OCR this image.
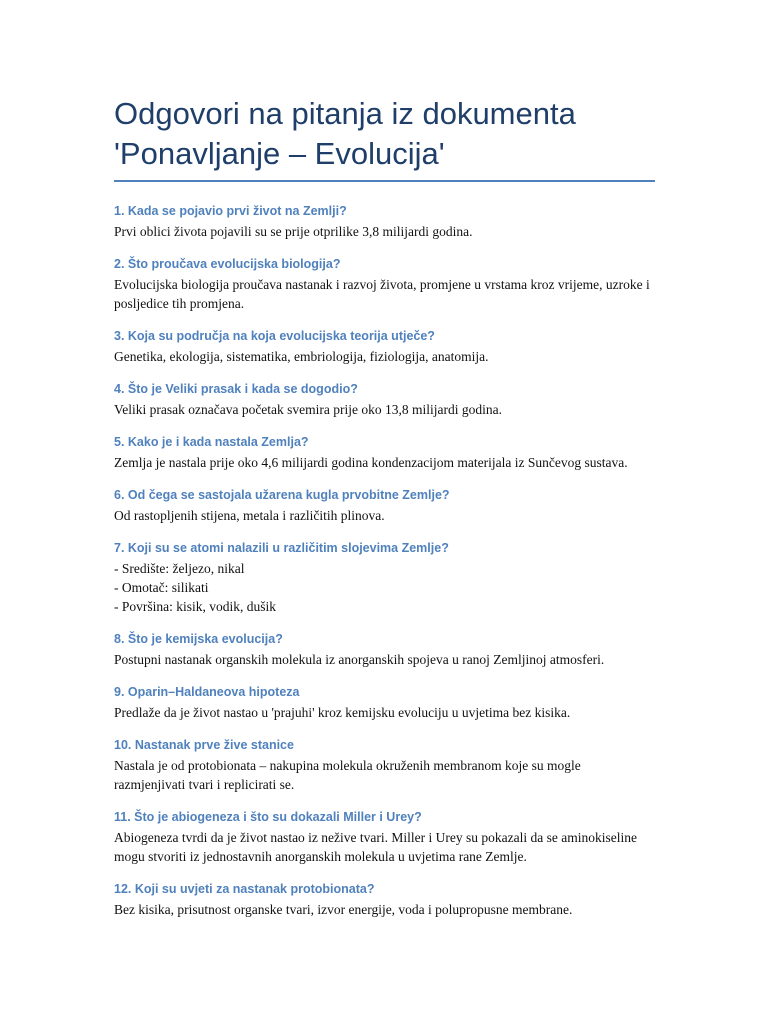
Odgovori na pitanja iz dokumenta
'Ponavljanje – Evolucija'

1. Kada se pojavio prvi život na Zemlji?

Prvi oblici života pojavili su se prije otprilike 3,8 milijardi godina.

2. Što proučava evolucijska biologija?

Evolucijska biologija proučava nastanak i razvoj života, promjene u vrstama kroz vrijeme, uzroke i posljedice tih promjena.

3. Koja su područja na koja evolucijska teorija utječe?

Genetika, ekologija, sistematika, embriologija, fiziologija, anatomija.

4. Što je Veliki prasak i kada se dogodio?

Veliki prasak označava početak svemira prije oko 13,8 milijardi godina.

5. Kako je i kada nastala Zemlja?

Zemlja je nastala prije oko 4,6 milijardi godina kondenzacijom materijala iz Sunčevog sustava.

6. Od čega se sastojala užarena kugla prvobitne Zemlje?

Od rastopljenih stijena, metala i različitih plinova.

7. Koji su se atomi nalazili u različitim slojevima Zemlje?

- Središte: željezo, nikal
- Omotač: silikati
- Površina: kisik, vodik, dušik

8. Što je kemijska evolucija?

Postupni nastanak organskih molekula iz anorganskih spojeva u ranoj Zemljinoj atmosferi.

9. Oparin–Haldaneova hipoteza

Predlaže da je život nastao u 'prajuhi' kroz kemijsku evoluciju u uvjetima bez kisika.

10. Nastanak prve žive stanice

Nastala je od protobionata – nakupina molekula okruženih membranom koje su mogle razmjenjivati tvari i replicirati se.

11. Što je abiogeneza i što su dokazali Miller i Urey?

Abiogeneza tvrdi da je život nastao iz nežive tvari. Miller i Urey su pokazali da se aminokiseline mogu stvoriti iz jednostavnih anorganskih molekula u uvjetima rane Zemlje.

12. Koji su uvjeti za nastanak protobionata?

Bez kisika, prisutnost organske tvari, izvor energije, voda i polupropusne membrane.
